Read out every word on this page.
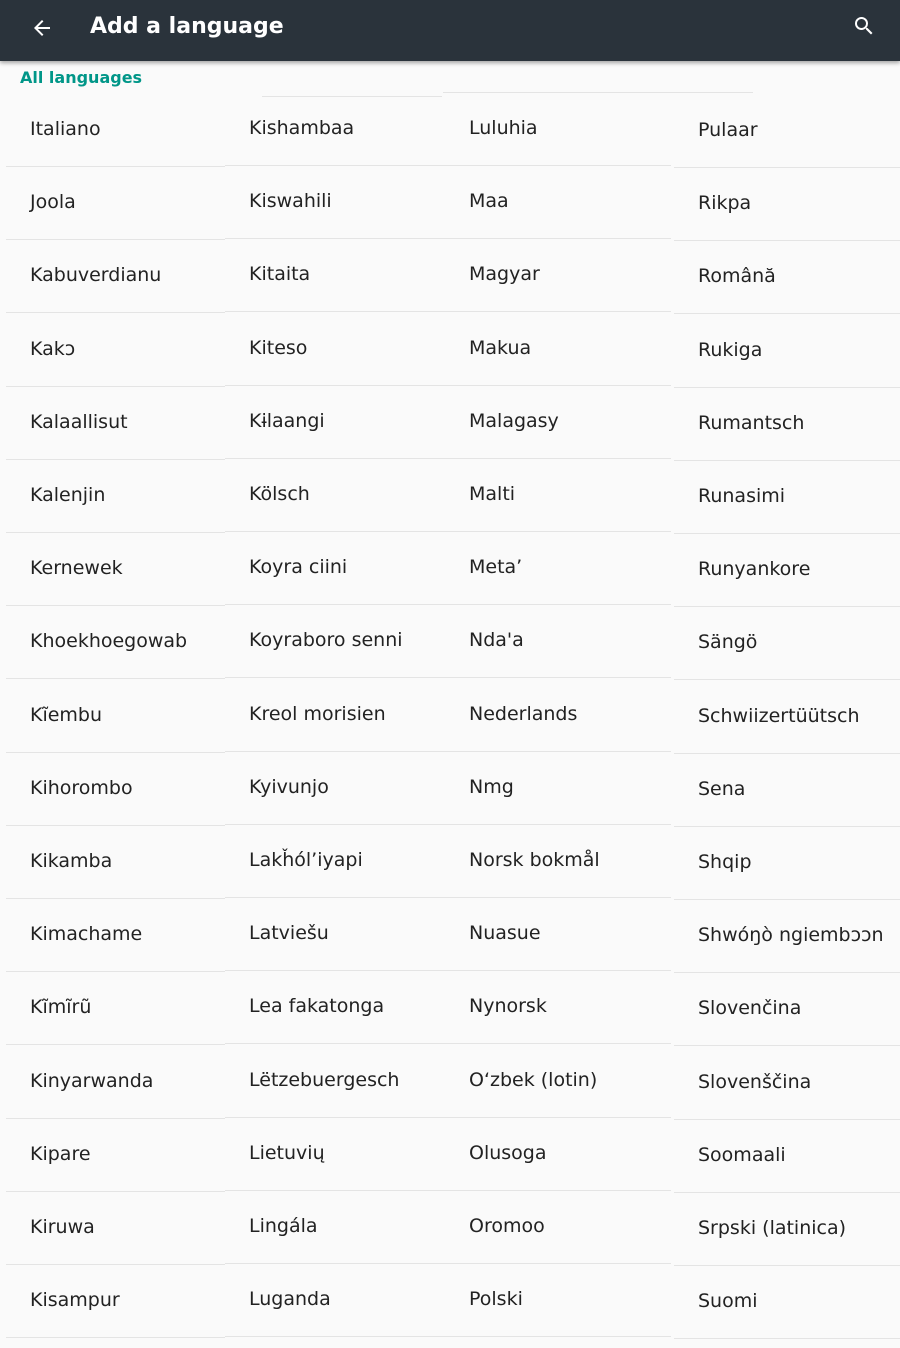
Add a language
All languages
Italiano
Joola
Kabuverdianu
Kakɔ
Kalaallisut
Kalenjin
Kernewek
Khoekhoegowab
Kĩembu
Kihorombo
Kikamba
Kimachame
Kĩmĩrũ
Kinyarwanda
Kipare
Kiruwa
Kisampur
Kishambaa
Kiswahili
Kitaita
Kiteso
Kɨlaangi
Kölsch
Koyra ciini
Koyraboro senni
Kreol morisien
Kyivunjo
Lakȟól’iyapi
Latviešu
Lea fakatonga
Lëtzebuergesch
Lietuvių
Lingála
Luganda
Luluhia
Maa
Magyar
Makua
Malagasy
Malti
Meta’
Ndaꞌa
Nederlands
Nmg
Norsk bokmål
Nuasue
Nynorsk
O‘zbek (lotin)
Olusoga
Oromoo
Polski
Pulaar
Rikpa
Română
Rukiga
Rumantsch
Runasimi
Runyankore
Sängö
Schwiizertüütsch
Sena
Shqip
Shwóŋò ngiembɔɔn
Slovenčina
Slovenščina
Soomaali
Srpski (latinica)
Suomi
